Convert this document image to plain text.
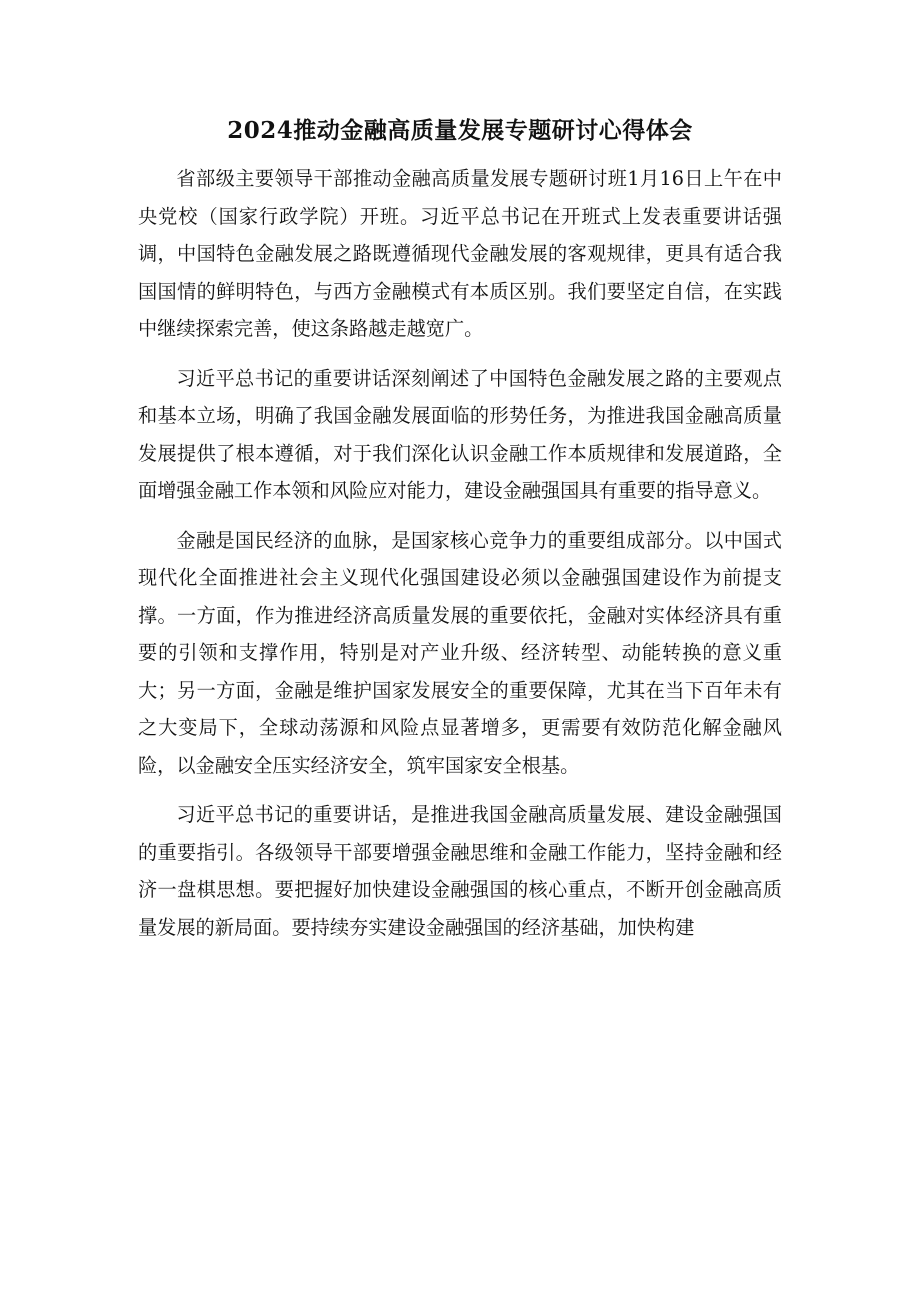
2024推动金融高质量发展专题研讨心得体会

省部级主要领导干部推动金融高质量发展专题研讨班1月16日上午在中央党校（国家行政学院）开班。习近平总书记在开班式上发表重要讲话强调，中国特色金融发展之路既遵循现代金融发展的客观规律，更具有适合我国国情的鲜明特色，与西方金融模式有本质区别。我们要坚定自信，在实践中继续探索完善，使这条路越走越宽广。

习近平总书记的重要讲话深刻阐述了中国特色金融发展之路的主要观点和基本立场，明确了我国金融发展面临的形势任务，为推进我国金融高质量发展提供了根本遵循，对于我们深化认识金融工作本质规律和发展道路，全面增强金融工作本领和风险应对能力，建设金融强国具有重要的指导意义。

金融是国民经济的血脉，是国家核心竞争力的重要组成部分。以中国式现代化全面推进社会主义现代化强国建设必须以金融强国建设作为前提支撑。一方面，作为推进经济高质量发展的重要依托，金融对实体经济具有重要的引领和支撑作用，特别是对产业升级、经济转型、动能转换的意义重大；另一方面，金融是维护国家发展安全的重要保障，尤其在当下百年未有之大变局下，全球动荡源和风险点显著增多，更需要有效防范化解金融风险，以金融安全压实经济安全，筑牢国家安全根基。

习近平总书记的重要讲话，是推进我国金融高质量发展、建设金融强国的重要指引。各级领导干部要增强金融思维和金融工作能力，坚持金融和经济一盘棋思想。要把握好加快建设金融强国的核心重点，不断开创金融高质量发展的新局面。要持续夯实建设金融强国的经济基础，加快构建
